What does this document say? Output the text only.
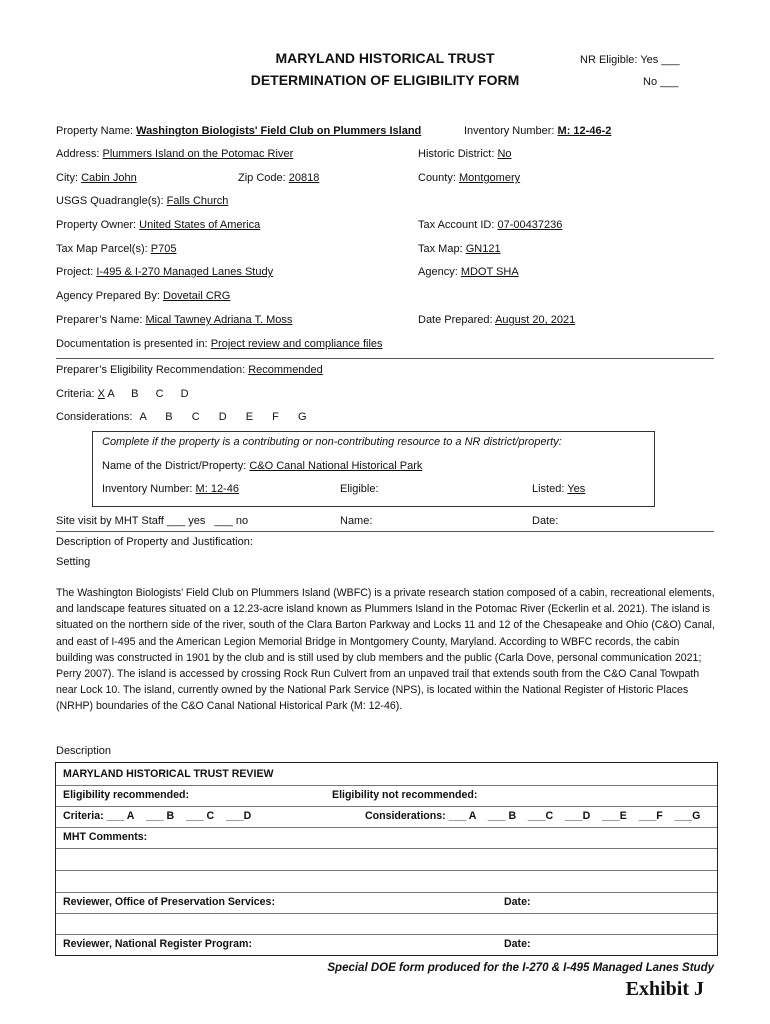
MARYLAND HISTORICAL TRUST
DETERMINATION OF ELIGIBILITY FORM
NR Eligible: Yes ___
No ___
Property Name: Washington Biologists' Field Club on Plummers Island	Inventory Number: M: 12-46-2
Address: Plummers Island on the Potomac River	Historic District: No
City: Cabin John	Zip Code: 20818	County: Montgomery
USGS Quadrangle(s): Falls Church
Property Owner: United States of America	Tax Account ID: 07-00437236
Tax Map Parcel(s): P705	Tax Map: GN121
Project: I-495 & I-270 Managed Lanes Study	Agency: MDOT SHA
Agency Prepared By: Dovetail CRG
Preparer’s Name: Mical Tawney Adriana T. Moss	Date Prepared: August 20, 2021
Documentation is presented in: Project review and compliance files
Preparer’s Eligibility Recommendation: Recommended
Criteria: X A B C D
Considerations: A B C D E F G
Complete if the property is a contributing or non-contributing resource to a NR district/property:
Name of the District/Property: C&O Canal National Historical Park
Inventory Number: M: 12-46	Eligible:	Listed: Yes
Site visit by MHT Staff ___ yes ___ no	Name:	Date:
Description of Property and Justification:
Setting
The Washington Biologists’ Field Club on Plummers Island (WBFC) is a private research station composed of a cabin, recreational elements, and landscape features situated on a 12.23-acre island known as Plummers Island in the Potomac River (Eckerlin et al. 2021). The island is situated on the northern side of the river, south of the Clara Barton Parkway and Locks 11 and 12 of the Chesapeake and Ohio (C&O) Canal, and east of I-495 and the American Legion Memorial Bridge in Montgomery County, Maryland. According to WBFC records, the cabin building was constructed in 1901 by the club and is still used by club members and the public (Carla Dove, personal communication 2021; Perry 2007). The island is accessed by crossing Rock Run Culvert from an unpaved trail that extends south from the C&O Canal Towpath near Lock 10. The island, currently owned by the National Park Service (NPS), is located within the National Register of Historic Places (NRHP) boundaries of the C&O Canal National Historical Park (M: 12-46).
Description
MARYLAND HISTORICAL TRUST REVIEW
Eligibility recommended:	Eligibility not recommended:
Criteria: ___ A    ___ B    ___ C    ___D	Considerations: ___ A    ___ B    ___C    ___D    ___E    ___F    ___G
MHT Comments:
Reviewer, Office of Preservation Services:	Date:
Reviewer, National Register Program:	Date:
Special DOE form produced for the I-270 & I-495 Managed Lanes Study
Exhibit J
